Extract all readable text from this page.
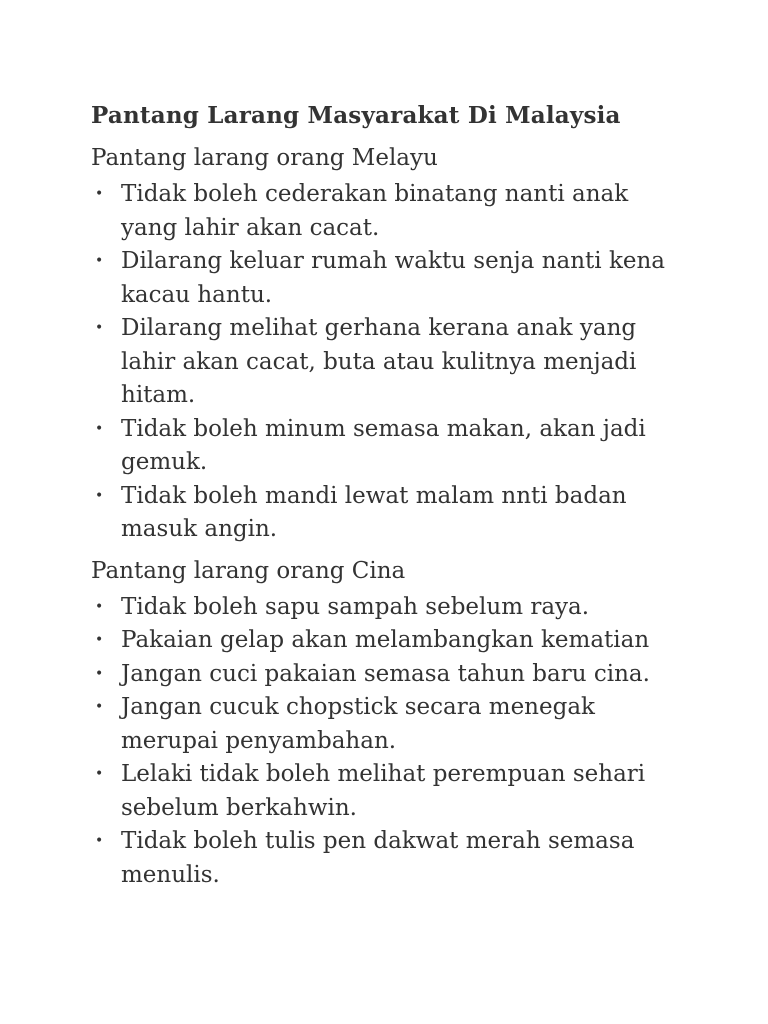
Pantang Larang Masyarakat Di Malaysia
Pantang larang orang Melayu
• Tidak boleh cederakan binatang nanti anak yang lahir akan cacat.
• Dilarang keluar rumah waktu senja nanti kena kacau hantu.
• Dilarang melihat gerhana kerana anak yang lahir akan cacat, buta atau kulitnya menjadi hitam.
• Tidak boleh minum semasa makan, akan jadi gemuk.
• Tidak boleh mandi lewat malam nnti badan masuk angin.
Pantang larang orang Cina
• Tidak boleh sapu sampah sebelum raya.
• Pakaian gelap akan melambangkan kematian
• Jangan cuci pakaian semasa tahun baru cina.
• Jangan cucuk chopstick secara menegak merupai penyambahan.
• Lelaki tidak boleh melihat perempuan sehari sebelum berkahwin.
• Tidak boleh tulis pen dakwat merah semasa menulis.
